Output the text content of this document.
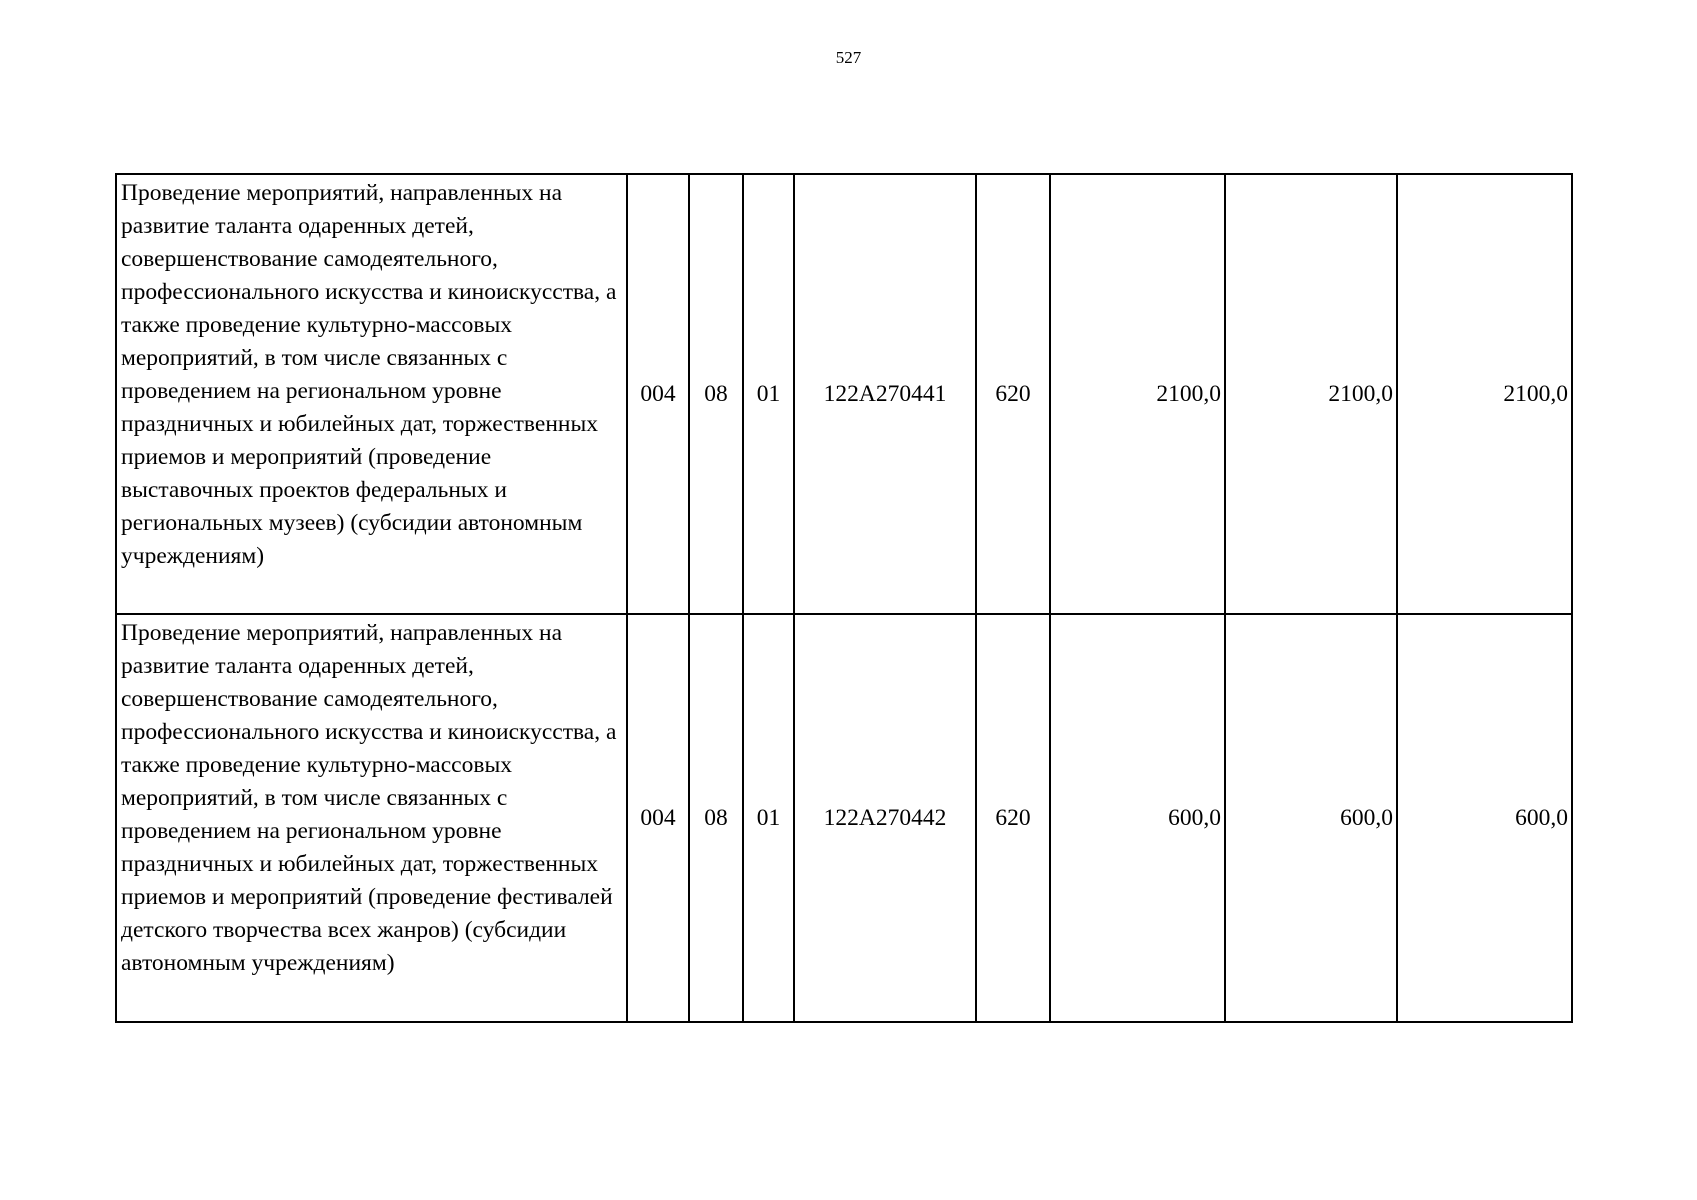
527
Проведение мероприятий, направленных на развитие таланта одаренных детей, совершенствование самодеятельного, профессионального искусства и киноискусства, а также проведение культурно-массовых мероприятий, в том числе связанных с проведением на региональном уровне праздничных и юбилейных дат, торжественных приемов и мероприятий (проведение выставочных проектов федеральных и региональных музеев) (субсидии автономным учреждениям)	004	08	01	122А270441	620	2100,0	2100,0	2100,0

Проведение мероприятий, направленных на развитие таланта одаренных детей, совершенствование самодеятельного, профессионального искусства и киноискусства, а также проведение культурно-массовых мероприятий, в том числе связанных с проведением на региональном уровне праздничных и юбилейных дат, торжественных приемов и мероприятий (проведение фестивалей детского творчества всех жанров) (субсидии автономным учреждениям)	004	08	01	122А270442	620	600,0	600,0	600,0
